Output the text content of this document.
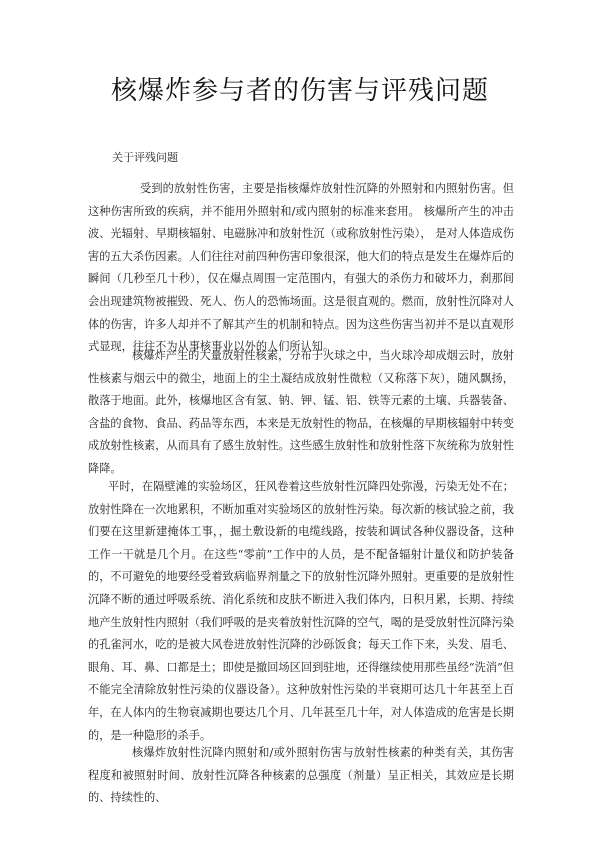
核爆炸参与者的伤害与评残问题
关于评残问题

受到的放射性伤害，主要是指核爆炸放射性沉降的外照射和内照射伤害。但这种伤害所致的疾病，并不能用外照射和/或内照射的标准来套用。 核爆所产生的冲击波、光辐射、早期核辐射、电磁脉冲和放射性沉（或称放射性污染）， 是对人体造成伤害的五大杀伤因素。人们往往对前四种伤害印象很深，他大们的特点是发生在爆炸后的瞬间（几秒至几十秒），仅在爆点周围一定范围内，有强大的杀伤力和破坏力，刹那间会出现建筑物被摧毁、死人、伤人的恐怖场面。这是很直观的。燃而，放射性沉降对人体的伤害，许多人却并不了解其产生的机制和特点。因为这些伤害当初并不是以直观形式显现，往往不为从事核事业以外的人们所认知。

核爆炸产生的大量放射性核素，分布于火球之中，当火球冷却成烟云时，放射性核素与烟云中的微尘，地面上的尘土凝结成放射性微粒（又称落下灰），随风飘扬，散落于地面。此外，核爆地区含有氢、钠、钾、锰、铝、铁等元素的土壤、兵器装备、含盐的食物、食品、药品等东西，本来是无放射性的物品，在核爆的早期核辐射中转变成放射性核素，从而具有了感生放射性。这些感生放射性和放射性落下灰统称为放射性降降。

平时，在隔壁滩的实验场区，狂风卷着这些放射性沉降四处弥漫，污染无处不在；放射性降在一次地累积，不断加重对实验场区的放射性污染。每次新的核试验之前，我们要在这里新建掩体工事，，掘土敷设新的电缆线路，按装和调试各种仪器设备，这种工作一干就是几个月。在这些“零前”工作中的人员，是不配备辐射计量仪和防护装备的，不可避免的地要经受着致病临界剂量之下的放射性沉降外照射。更重要的是放射性沉降不断的通过呼吸系统、消化系统和皮肤不断进入我们体内，日积月累，长期、持续地产生放射性内照射（我们呼吸的是夹着放射性沉降的空气，喝的是受放射性沉降污染的孔雀河水，吃的是被大风卷进放射性沉降的沙砾饭食；每天工作下来，头发、眉毛、眼角、耳、鼻、口都是土；即使是撤回场区回到驻地，还得继续使用那些虽经“洗消”但不能完全清除放射性污染的仪器设备）。这种放射性污染的半衰期可达几十年甚至上百年，在人体内的生物衰减期也要达几个月、几年甚至几十年，对人体造成的危害是长期的，是一种隐形的杀手。

核爆炸放射性沉降内照射和/或外照射伤害与放射性核素的种类有关，其伤害程度和被照射时间、放射性沉降各种核素的总强度（剂量）呈正相关，其效应是长期的、持续性的、
